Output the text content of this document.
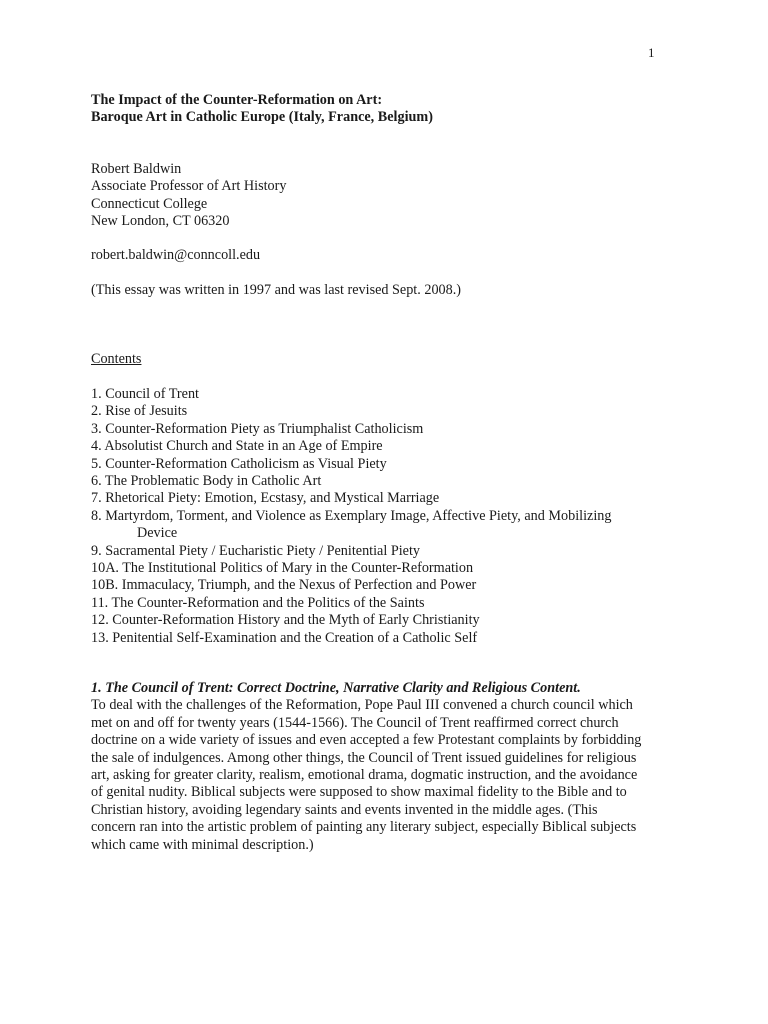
1
The Impact of the Counter-Reformation on Art:
Baroque Art in Catholic Europe (Italy, France, Belgium)
Robert Baldwin
Associate Professor of Art History
Connecticut College
New London, CT 06320
robert.baldwin@conncoll.edu
(This essay was written in 1997 and was last revised Sept. 2008.)
Contents
1. Council of Trent
2. Rise of Jesuits
3. Counter-Reformation Piety as Triumphalist Catholicism
4. Absolutist Church and State in an Age of Empire
5. Counter-Reformation Catholicism as Visual Piety
6. The Problematic Body in Catholic Art
7. Rhetorical Piety: Emotion, Ecstasy, and Mystical Marriage
8. Martyrdom, Torment, and Violence as Exemplary Image, Affective Piety, and Mobilizing
Device
9. Sacramental Piety / Eucharistic Piety / Penitential Piety
10A. The Institutional Politics of Mary in the Counter-Reformation
10B. Immaculacy, Triumph, and the Nexus of Perfection and Power
11. The Counter-Reformation and the Politics of the Saints
12. Counter-Reformation History and the Myth of Early Christianity
13. Penitential Self-Examination and the Creation of a Catholic Self
1. The Council of Trent: Correct Doctrine, Narrative Clarity and Religious Content.
To deal with the challenges of the Reformation, Pope Paul III convened a church council which
met on and off for twenty years (1544-1566). The Council of Trent reaffirmed correct church
doctrine on a wide variety of issues and even accepted a few Protestant complaints by forbidding
the sale of indulgences. Among other things, the Council of Trent issued guidelines for religious
art, asking for greater clarity, realism, emotional drama, dogmatic instruction, and the avoidance
of genital nudity. Biblical subjects were supposed to show maximal fidelity to the Bible and to
Christian history, avoiding legendary saints and events invented in the middle ages. (This
concern ran into the artistic problem of painting any literary subject, especially Biblical subjects
which came with minimal description.)
